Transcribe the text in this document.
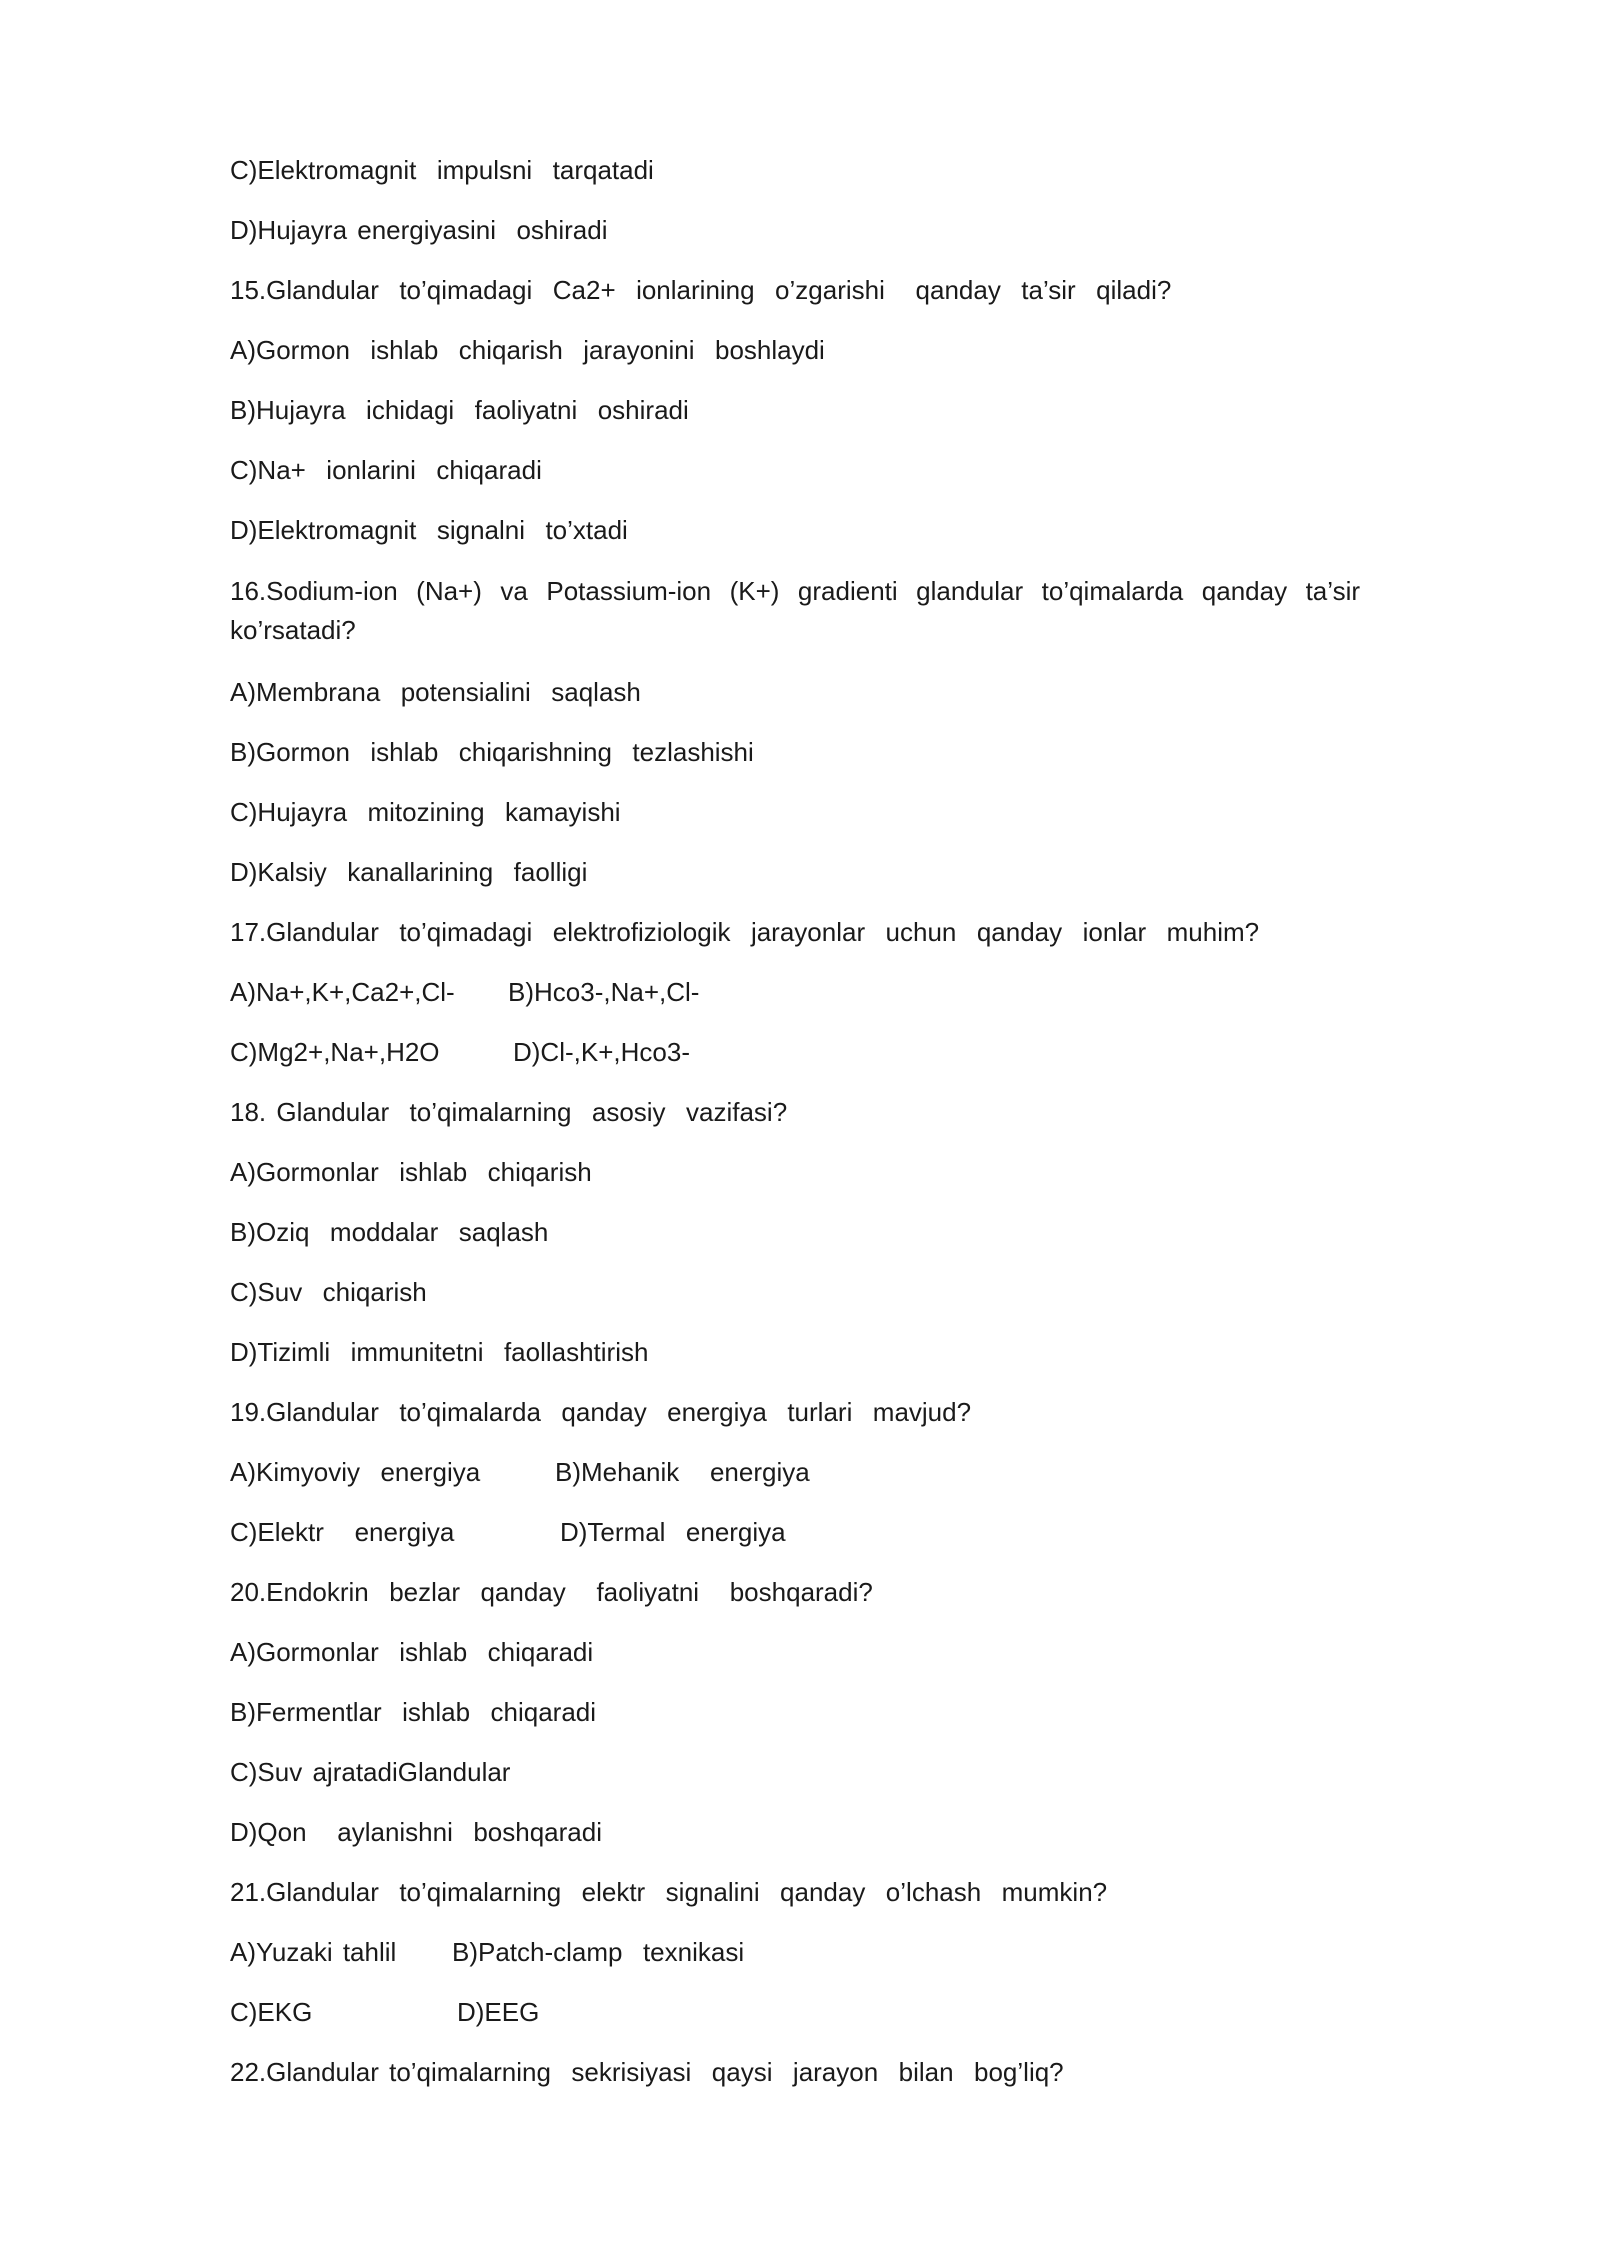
C)Elektromagnit  impulsni  tarqatadi
D)Hujayra energiyasini  oshiradi
15.Glandular  to’qimadagi  Ca2+  ionlarining  o’zgarishi   qanday  ta’sir  qiladi?
A)Gormon  ishlab  chiqarish  jarayonini  boshlaydi
B)Hujayra  ichidagi  faoliyatni  oshiradi
C)Na+  ionlarini  chiqaradi
D)Elektromagnit  signalni  to’xtadi
16.Sodium-ion (Na+) va Potassium-ion (K+) gradienti glandular to’qimalarda qanday ta’sir ko’rsatadi?
A)Membrana  potensialini  saqlash
B)Gormon  ishlab  chiqarishning  tezlashishi
C)Hujayra  mitozining  kamayishi
D)Kalsiy  kanallarining  faolligi
17.Glandular  to’qimadagi  elektrofiziologik  jarayonlar  uchun  qanday  ionlar  muhim?

A)Na+,K+,Ca2+,Cl-

B)Hco3-,Na+,Cl-

C)Mg2+,Na+,H2O

	D)Cl-,K+,Hco3-

18. Glandular  to’qimalarning  asosiy  vazifasi?
A)Gormonlar  ishlab  chiqarish
B)Oziq  moddalar  saqlash
C)Suv  chiqarish
D)Tizimli  immunitetni  faollashtirish
19.Glandular  to’qimalarda  qanday  energiya  turlari  mavjud?

A)Kimyoviy  energiya

	B)Mehanik   energiya

C)Elektr   energiya

	D)Termal  energiya

20.Endokrin  bezlar  qanday   faoliyatni   boshqaradi?
A)Gormonlar  ishlab  chiqaradi
B)Fermentlar  ishlab  chiqaradi
C)Suv ajratadiGlandular
D)Qon   aylanishni  boshqaradi
21.Glandular  to’qimalarning  elektr  signalini  qanday  o’lchash  mumkin?

A)Yuzaki tahlil

B)Patch-clamp  texnikasi

C)EKG

	D)EEG

22.Glandular to’qimalarning  sekrisiyasi  qaysi  jarayon  bilan  bog’liq?
